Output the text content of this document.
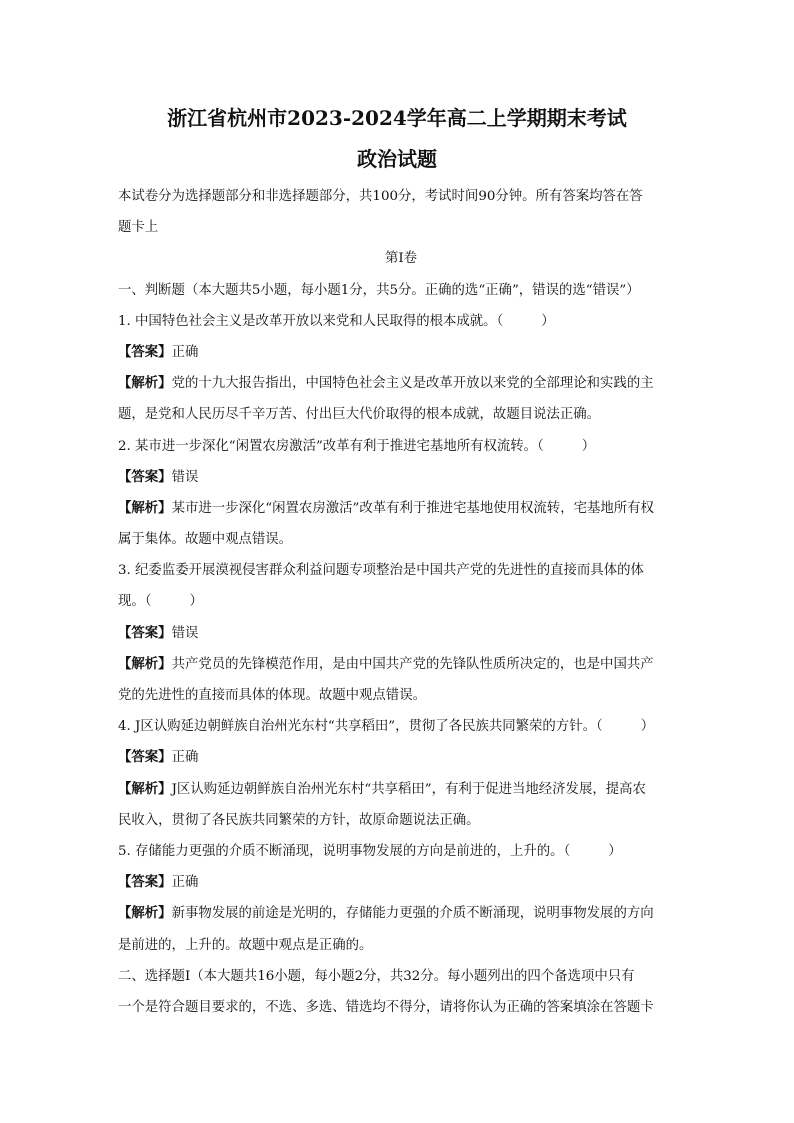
浙江省杭州市2023-2024学年高二上学期期末考试
政治试题
本试卷分为选择题部分和非选择题部分，共100分，考试时间90分钟。所有答案均答在答
题卡上
第Ⅰ卷
一、判断题（本大题共5小题，每小题1分，共5分。正确的选“正确”，错误的选“错误”）
1. 中国特色社会主义是改革开放以来党和人民取得的根本成就。（	）
【答案】正确
【解析】党的十九大报告指出，中国特色社会主义是改革开放以来党的全部理论和实践的主
题，是党和人民历尽千辛万苦、付出巨大代价取得的根本成就，故题目说法正确。
2. 某市进一步深化“闲置农房激活”改革有利于推进宅基地所有权流转。（	）
【答案】错误
【解析】某市进一步深化“闲置农房激活”改革有利于推进宅基地使用权流转，宅基地所有权
属于集体。故题中观点错误。
3. 纪委监委开展漠视侵害群众利益问题专项整治是中国共产党的先进性的直接而具体的体
现。（	）
【答案】错误
【解析】共产党员的先锋模范作用，是由中国共产党的先锋队性质所决定的，也是中国共产
党的先进性的直接而具体的体现。故题中观点错误。
4. J区认购延边朝鲜族自治州光东村“共享稻田”，贯彻了各民族共同繁荣的方针。（	）
【答案】正确
【解析】J区认购延边朝鲜族自治州光东村“共享稻田”，有利于促进当地经济发展，提高农
民收入，贯彻了各民族共同繁荣的方针，故原命题说法正确。
5. 存储能力更强的介质不断涌现，说明事物发展的方向是前进的，上升的。（	）
【答案】正确
【解析】新事物发展的前途是光明的，存储能力更强的介质不断涌现，说明事物发展的方向
是前进的，上升的。故题中观点是正确的。
二、选择题Ⅰ（本大题共16小题，每小题2分，共32分。每小题列出的四个备选项中只有
一个是符合题目要求的，不选、多选、错选均不得分，请将你认为正确的答案填涂在答题卡
